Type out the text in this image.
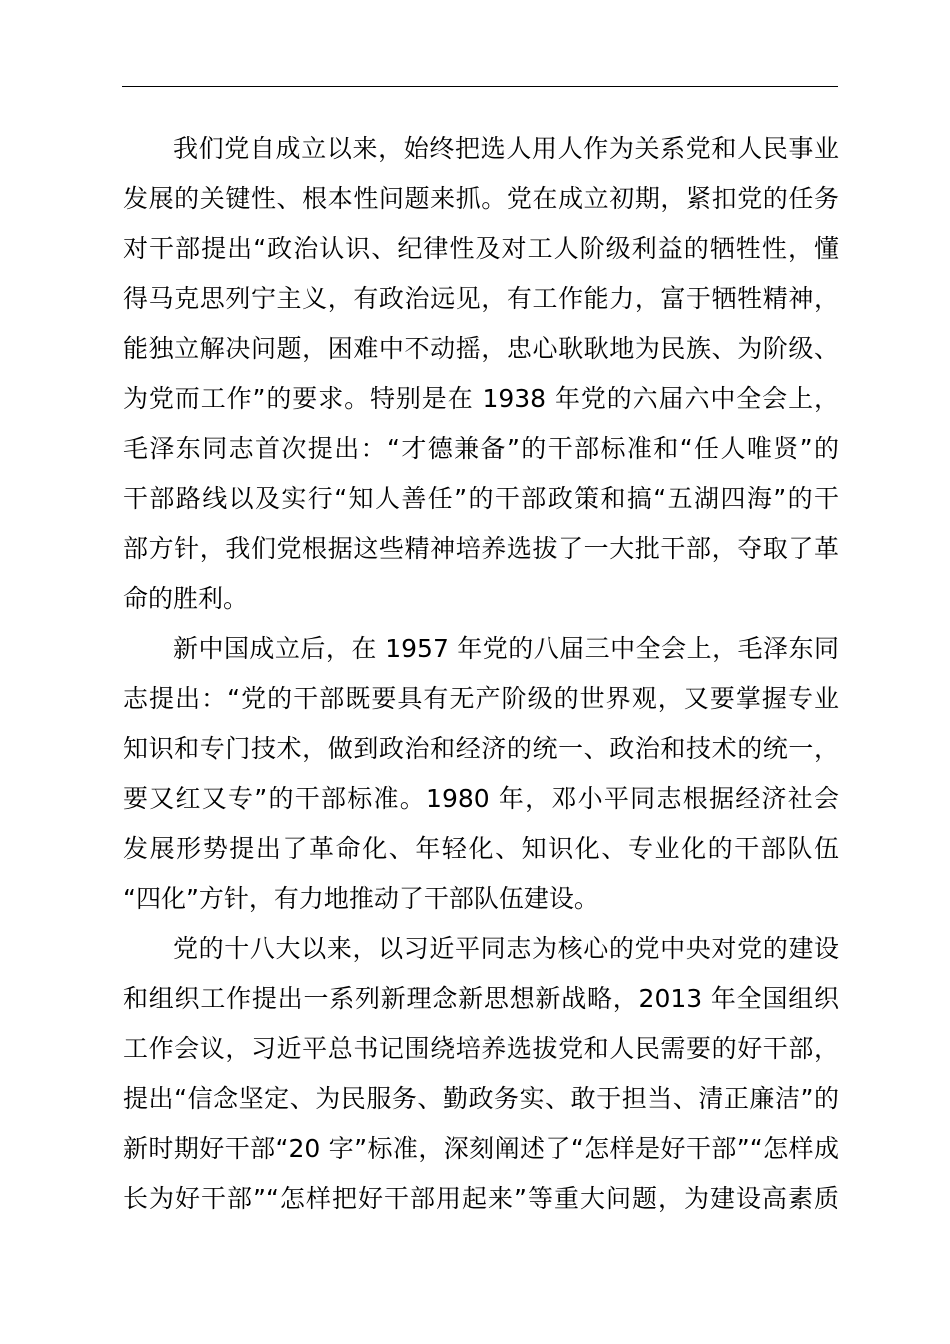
我们党自成立以来，始终把选人用人作为关系党和人民事业
发展的关键性、根本性问题来抓。党在成立初期，紧扣党的任务
对干部提出“政治认识、纪律性及对工人阶级利益的牺牲性，懂
得马克思列宁主义，有政治远见，有工作能力，富于牺牲精神，
能独立解决问题，困难中不动摇，忠心耿耿地为民族、为阶级、
为党而工作”的要求。特别是在 1938 年党的六届六中全会上，
毛泽东同志首次提出：“才德兼备”的干部标准和“任人唯贤”的
干部路线以及实行“知人善任”的干部政策和搞“五湖四海”的干
部方针，我们党根据这些精神培养选拔了一大批干部，夺取了革
命的胜利。
新中国成立后，在 1957 年党的八届三中全会上，毛泽东同
志提出：“党的干部既要具有无产阶级的世界观，又要掌握专业
知识和专门技术，做到政治和经济的统一、政治和技术的统一，
要又红又专”的干部标准。1980 年，邓小平同志根据经济社会
发展形势提出了革命化、年轻化、知识化、专业化的干部队伍
“四化”方针，有力地推动了干部队伍建设。
党的十八大以来，以习近平同志为核心的党中央对党的建设
和组织工作提出一系列新理念新思想新战略，2013 年全国组织
工作会议，习近平总书记围绕培养选拔党和人民需要的好干部，
提出“信念坚定、为民服务、勤政务实、敢于担当、清正廉洁”的
新时期好干部“20 字”标准，深刻阐述了“怎样是好干部”“怎样成
长为好干部”“怎样把好干部用起来”等重大问题，为建设高素质
